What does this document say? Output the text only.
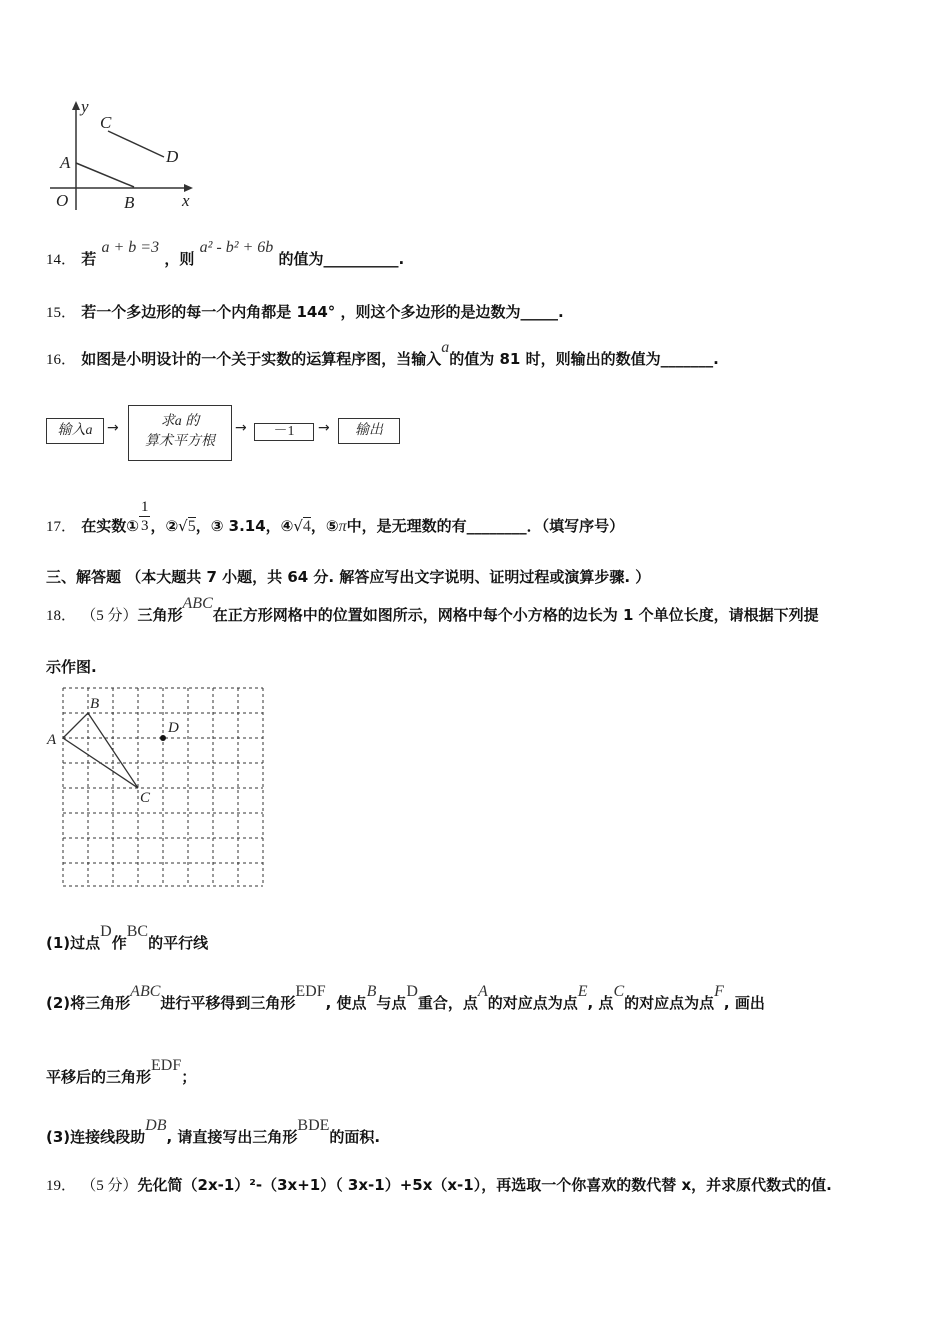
y
x
O
A
B
C
D
14． 若 a + b =3 ，则 a² - b² + 6b 的值为__________.
15． 若一个多边形的每一个内角都是 144° ，则这个多边形的是边数为_____.
16． 如图是小明设计的一个关于实数的运算程序图，当输入a的值为 81 时，则输出的数值为_______.
输入a	→	求a 的
算术平方根
→	－1	→	输出
17． 在实数① $\frac{1}{3}$ ，②√5，③ 3.14，④√4，⑤π中，是无理数的有________．（填写序号）
三、解答题 （本大题共 7 小题，共 64 分. 解答应写出文字说明、证明过程或演算步骤. ）
18． （5 分）三角形ABC在正方形网格中的位置如图所示，网格中每个小方格的边长为 1 个单位长度，请根据下列提
示作图.
A
B
C
D
(1)过点D作BC的平行线
(2)将三角形ABC进行平移得到三角形EDF, 使点B与点D重合，点A的对应点为点E, 点C的对应点为点F, 画出
平移后的三角形EDF；
(3)连接线段助DB, 请直接写出三角形BDE的面积.
19． （5 分）先化简（2x-1）²-（3x+1）（ 3x-1）+5x（x-1），再选取一个你喜欢的数代替 x，并求原代数式的值.
